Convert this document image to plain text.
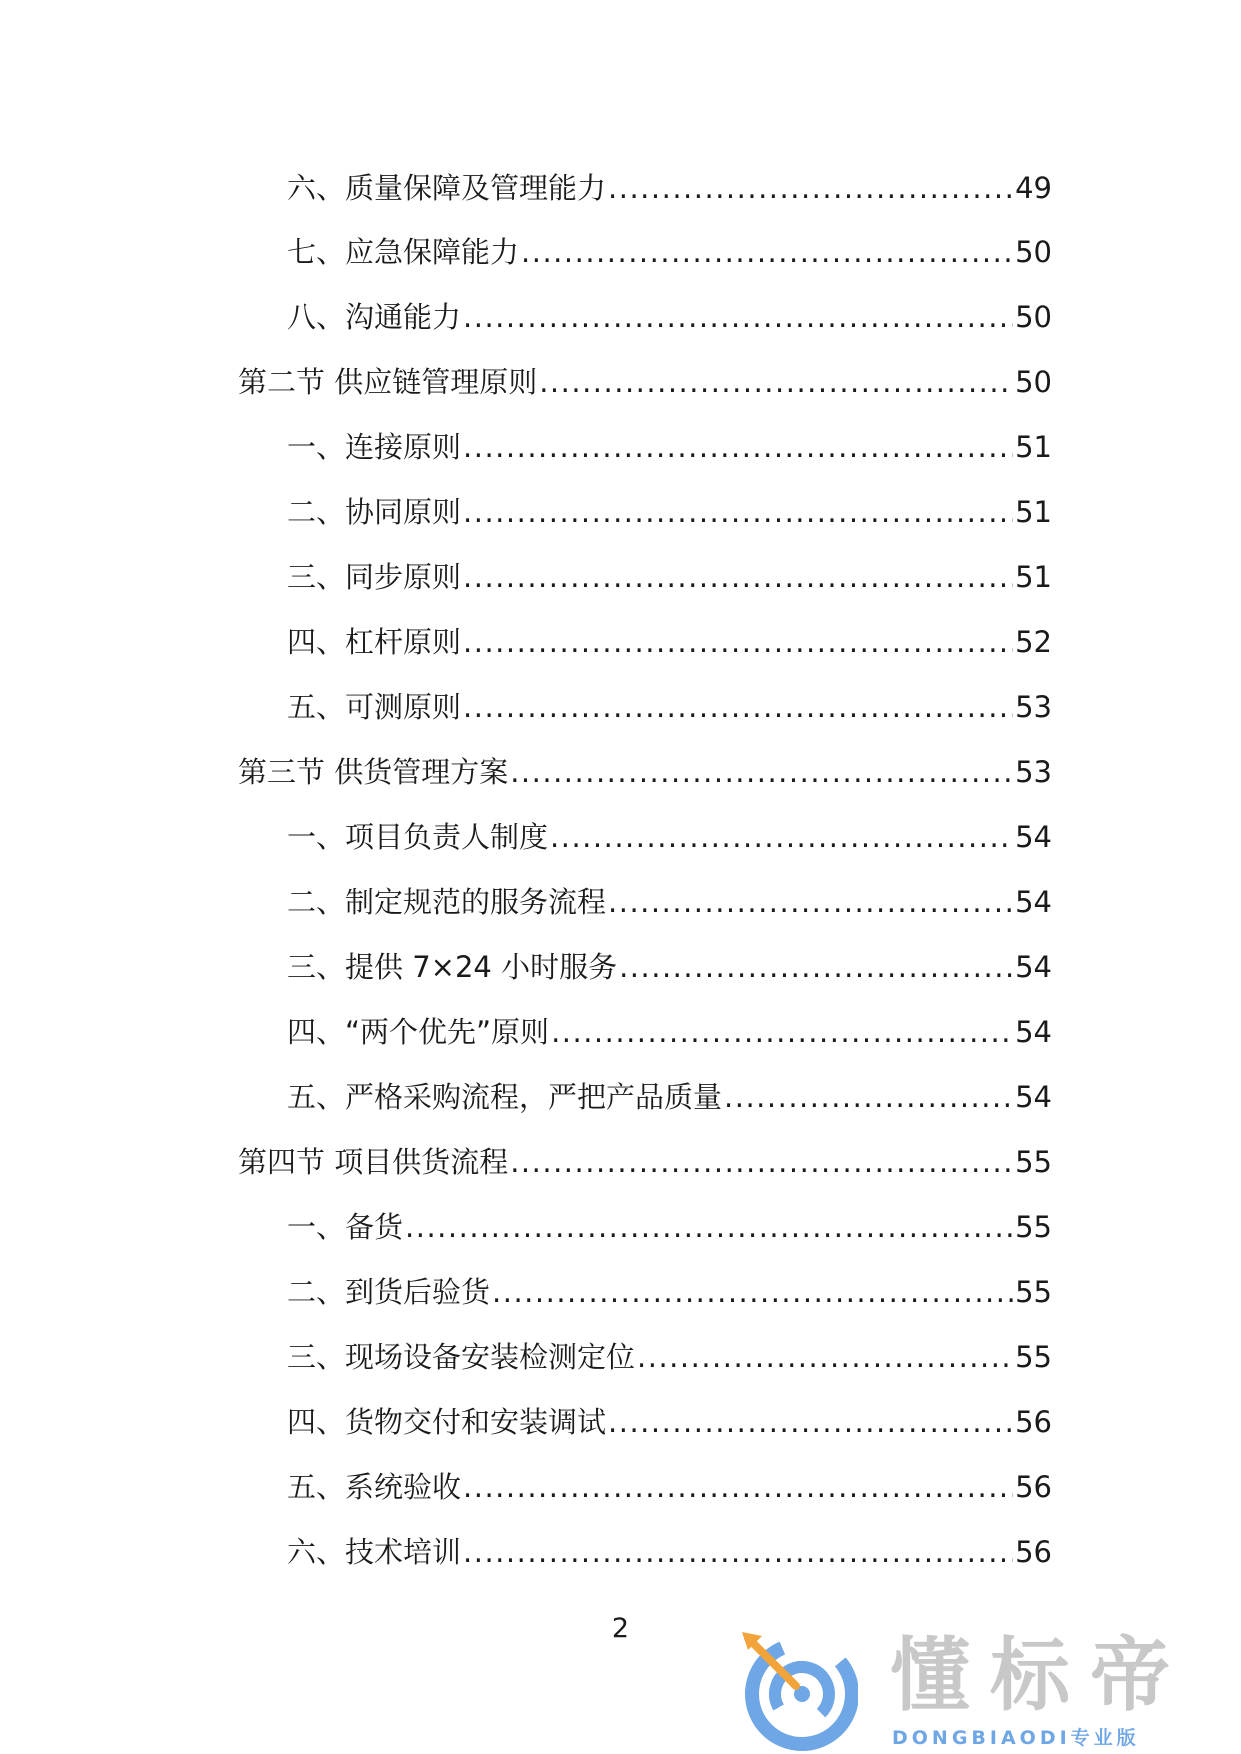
六、质量保障及管理能力 .....	49
七、应急保障能力 .....	50
八、沟通能力 .....	50
第二节 供应链管理原则 .....	50
一、连接原则 .....	51
二、协同原则 .....	51
三、同步原则 .....	51
四、杠杆原则 .....	52
五、可测原则 .....	53
第三节 供货管理方案 .....	53
一、项目负责人制度 .....	54
二、制定规范的服务流程 .....	54
三、提供 7×24 小时服务 .....	54
四、“两个优先”原则 .....	54
五、严格采购流程，严把产品质量 .....	54
第四节 项目供货流程 .....	55
一、备货 .....	55
二、到货后验货 .....	55
三、现场设备安装检测定位 .....	55
四、货物交付和安装调试 .....	56
五、系统验收 .....	56
六、技术培训 .....	56
2
懂标帝
DONGBIAODI专业版
